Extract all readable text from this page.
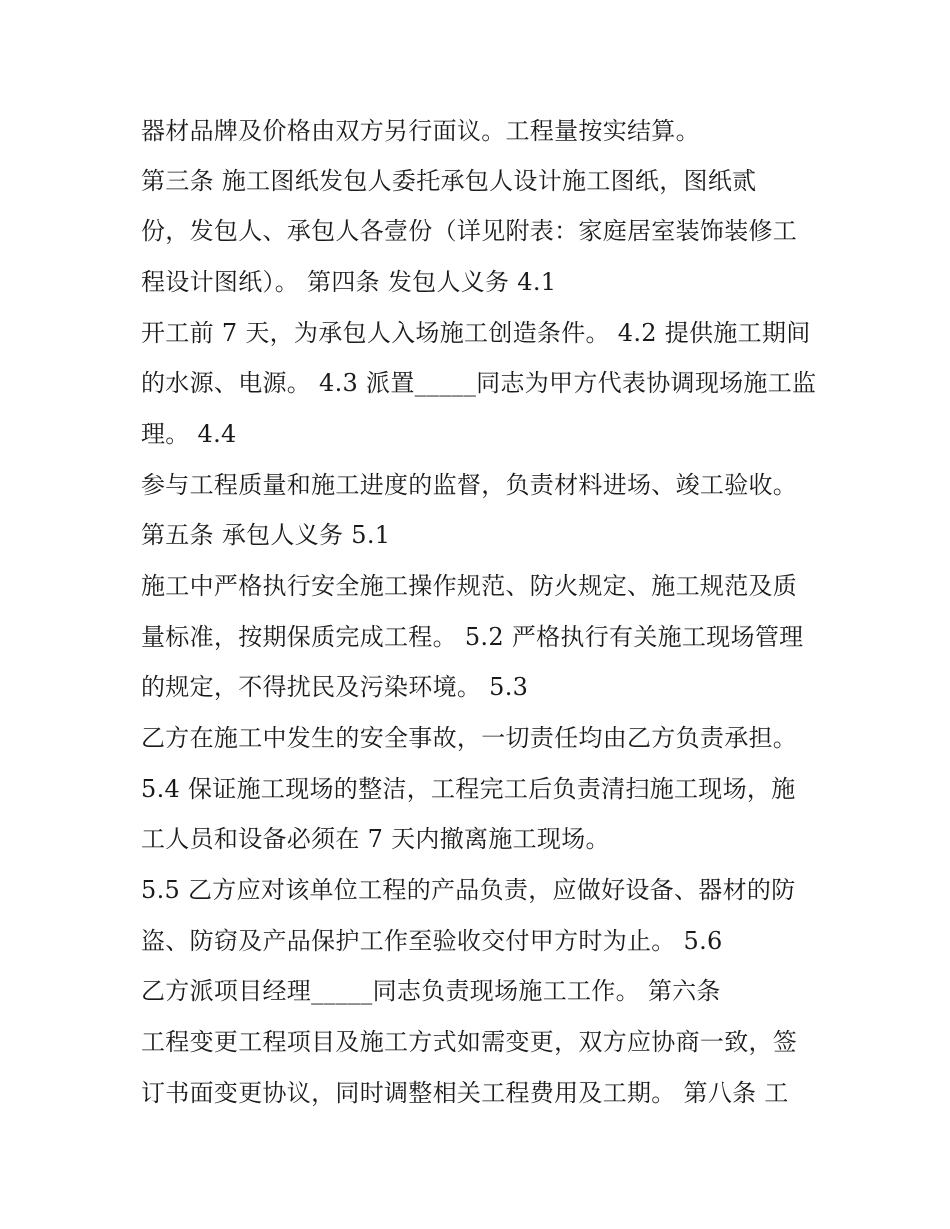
器材品牌及价格由双方另行面议。工程量按实结算。
第三条 施工图纸发包人委托承包人设计施工图纸，图纸贰
份，发包人、承包人各壹份（详见附表：家庭居室装饰装修工
程设计图纸）。 第四条 发包人义务 4.1
开工前 7 天，为承包人入场施工创造条件。 4.2 提供施工期间
的水源、电源。 4.3 派置_____同志为甲方代表协调现场施工监
理。 4.4
参与工程质量和施工进度的监督，负责材料进场、竣工验收。
第五条 承包人义务 5.1
施工中严格执行安全施工操作规范、防火规定、施工规范及质
量标准，按期保质完成工程。 5.2 严格执行有关施工现场管理
的规定，不得扰民及污染环境。 5.3
乙方在施工中发生的安全事故，一切责任均由乙方负责承担。
5.4 保证施工现场的整洁，工程完工后负责清扫施工现场，施
工人员和设备必须在 7 天内撤离施工现场。
5.5 乙方应对该单位工程的产品负责，应做好设备、器材的防
盗、防窃及产品保护工作至验收交付甲方时为止。 5.6
乙方派项目经理_____同志负责现场施工工作。 第六条
工程变更工程项目及施工方式如需变更，双方应协商一致，签
订书面变更协议，同时调整相关工程费用及工期。 第八条 工
